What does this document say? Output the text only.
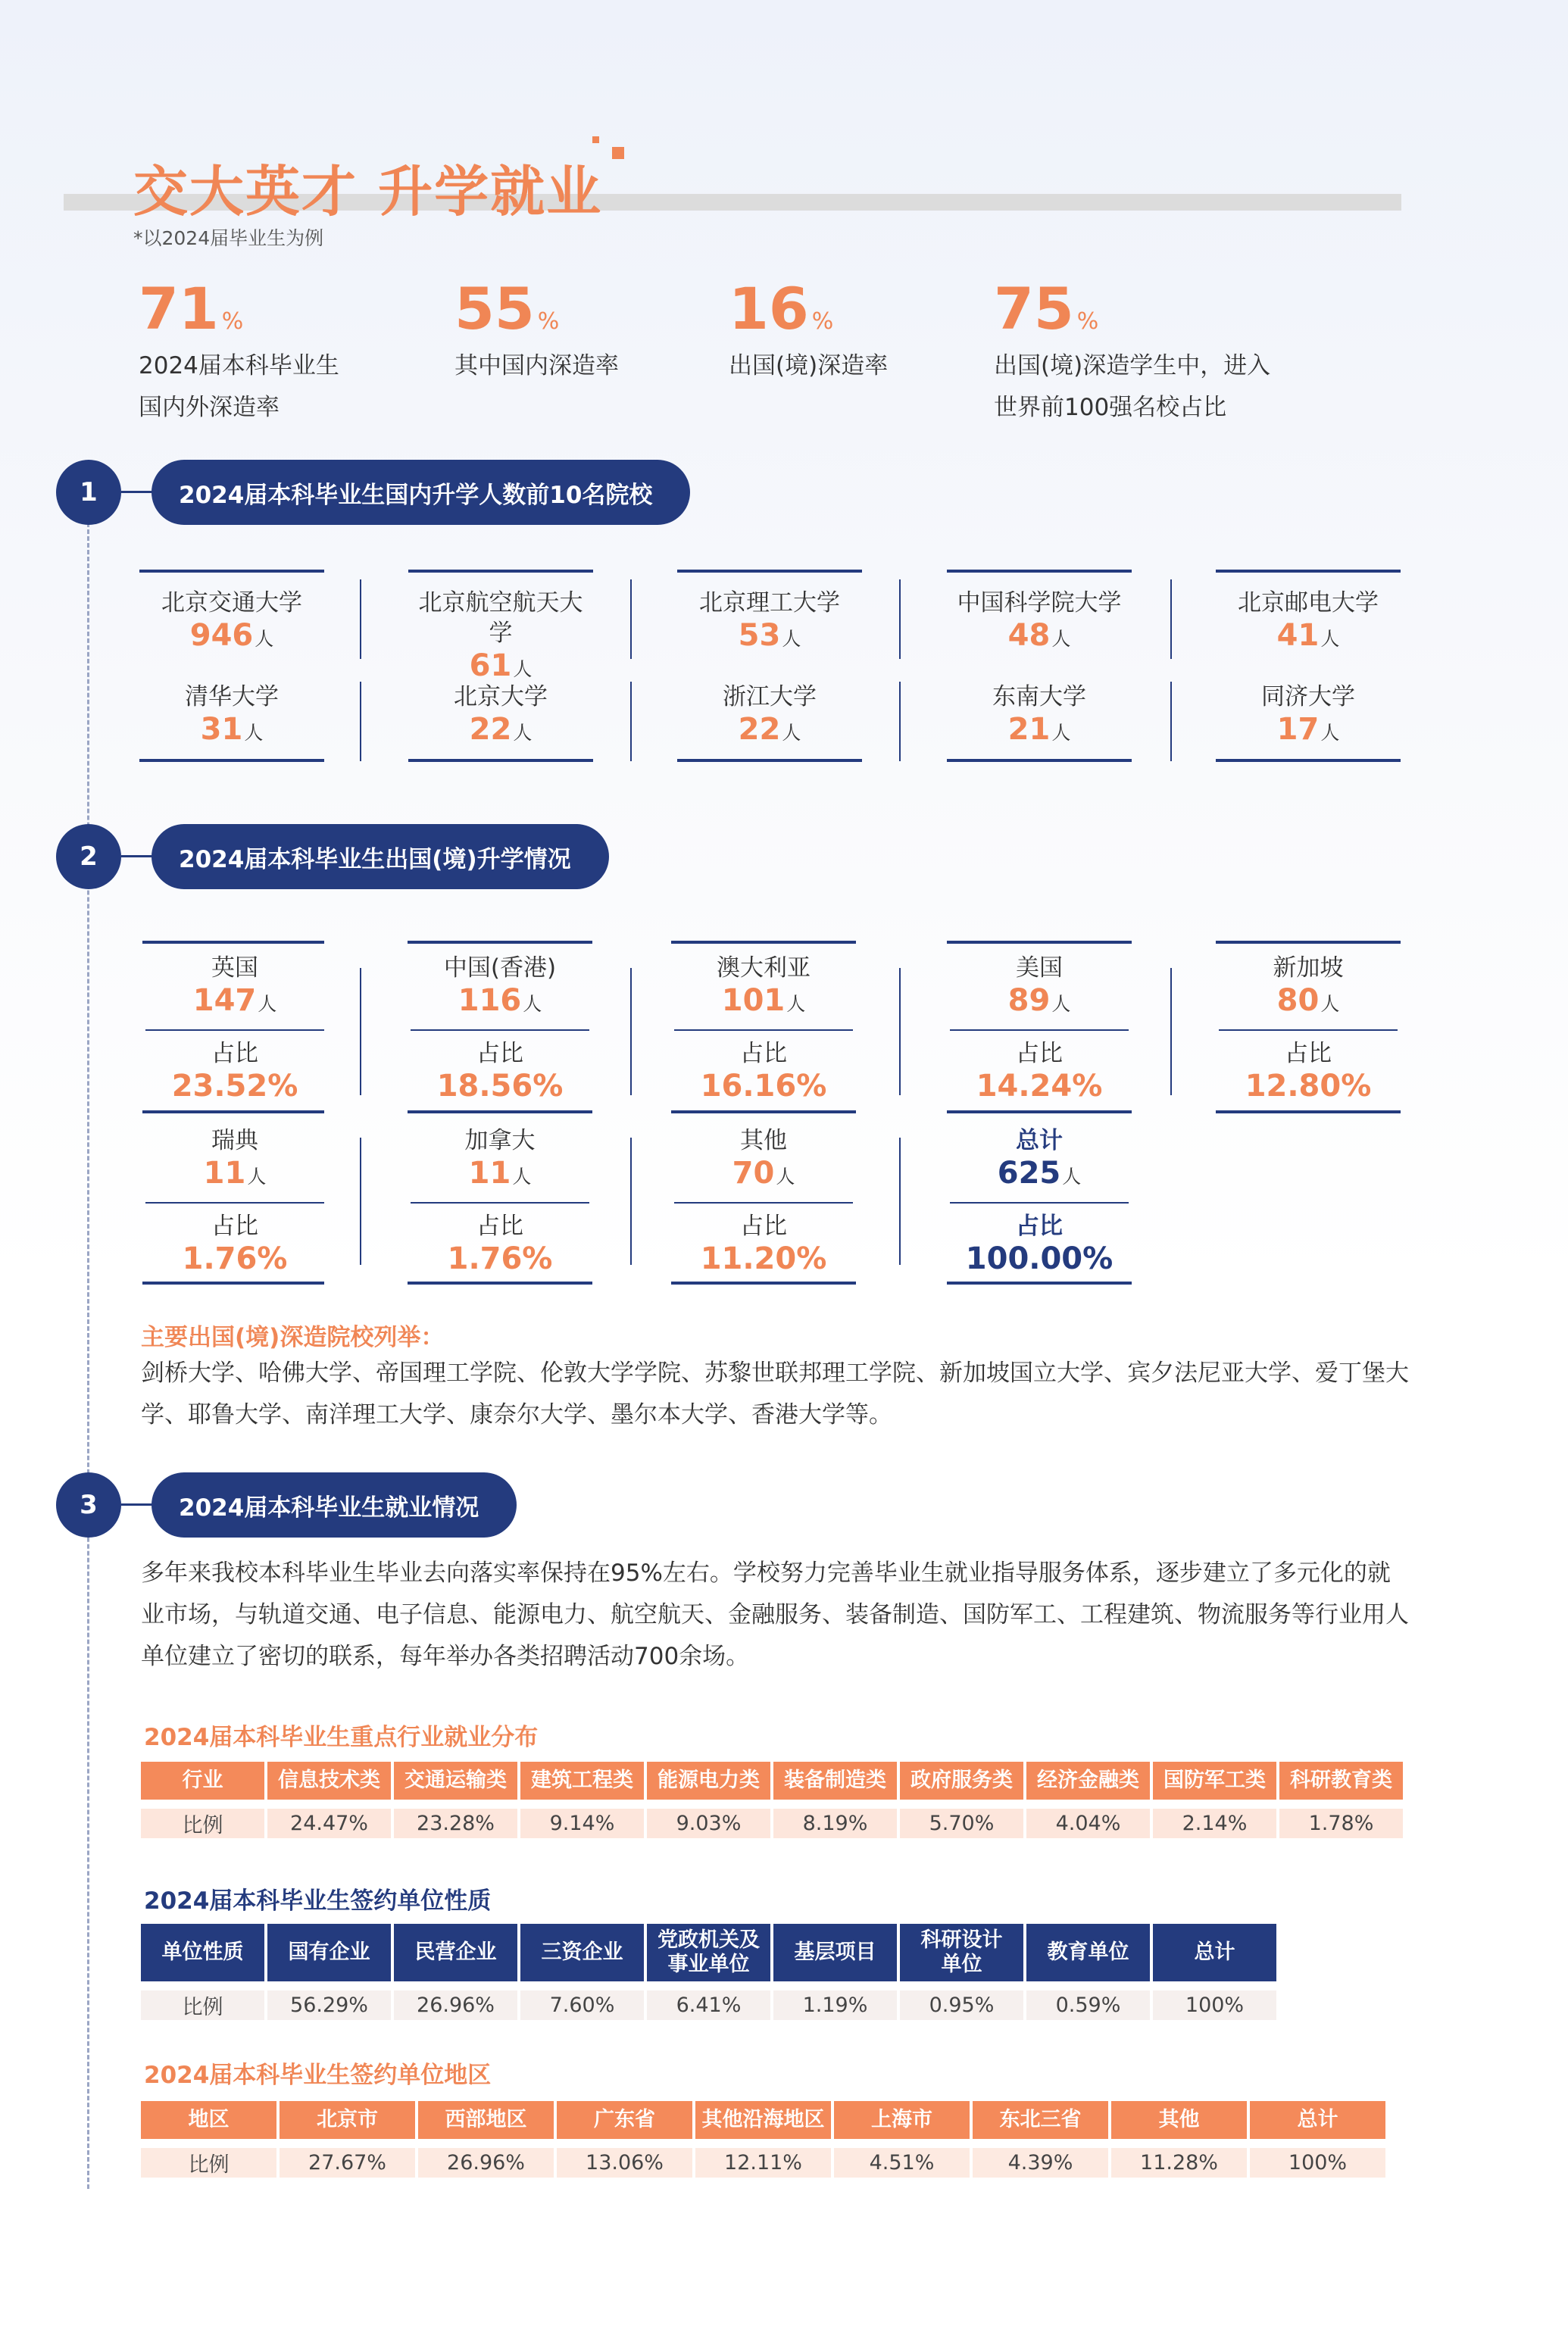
交大英才 升学就业
*以2024届毕业生为例
71 %
2024届本科毕业生
国内外深造率
55 %
其中国内深造率
16 %
出国(境)深造率
75 %
出国(境)深造学生中，进入
世界前100强名校占比
1	2024届本科毕业生国内升学人数前10名院校
北京交通大学
946人
北京航空航天大学
61人
北京理工大学
53人
中国科学院大学
48人
北京邮电大学
41人
清华大学
31人
北京大学
22人
浙江大学
22人
东南大学
21人
同济大学
17人
2	2024届本科毕业生出国(境)升学情况
英国
147人
占比
23.52%
中国(香港)
116人
占比
18.56%
澳大利亚
101人
占比
16.16%
美国
89人
占比
14.24%
新加坡
80人
占比
12.80%
瑞典
11人
占比
1.76%
加拿大
11人
占比
1.76%
其他
70人
占比
11.20%
总计
625人
占比
100.00%
主要出国(境)深造院校列举：
剑桥大学、哈佛大学、帝国理工学院、伦敦大学学院、苏黎世联邦理工学院、新加坡国立大学、宾夕法尼亚大学、爱丁堡大学、耶鲁大学、南洋理工大学、康奈尔大学、墨尔本大学、香港大学等。
3	2024届本科毕业生就业情况
多年来我校本科毕业生毕业去向落实率保持在95%左右。学校努力完善毕业生就业指导服务体系，逐步建立了多元化的就业市场，与轨道交通、电子信息、能源电力、航空航天、金融服务、装备制造、国防军工、工程建筑、物流服务等行业用人单位建立了密切的联系，每年举办各类招聘活动700余场。
2024届本科毕业生重点行业就业分布
行业	信息技术类	交通运输类	建筑工程类	能源电力类	装备制造类	政府服务类	经济金融类	国防军工类	科研教育类
比例	24.47%	23.28%	9.14%	9.03%	8.19%	5.70%	4.04%	2.14%	1.78%
2024届本科毕业生签约单位性质
单位性质	国有企业	民营企业	三资企业	党政机关及
事业单位	基层项目	科研设计
单位	教育单位	总计
比例	56.29%	26.96%	7.60%	6.41%	1.19%	0.95%	0.59%	100%
2024届本科毕业生签约单位地区
地区	北京市	西部地区	广东省	其他沿海地区	上海市	东北三省	其他	总计
比例	27.67%	26.96%	13.06%	12.11%	4.51%	4.39%	11.28%	100%
